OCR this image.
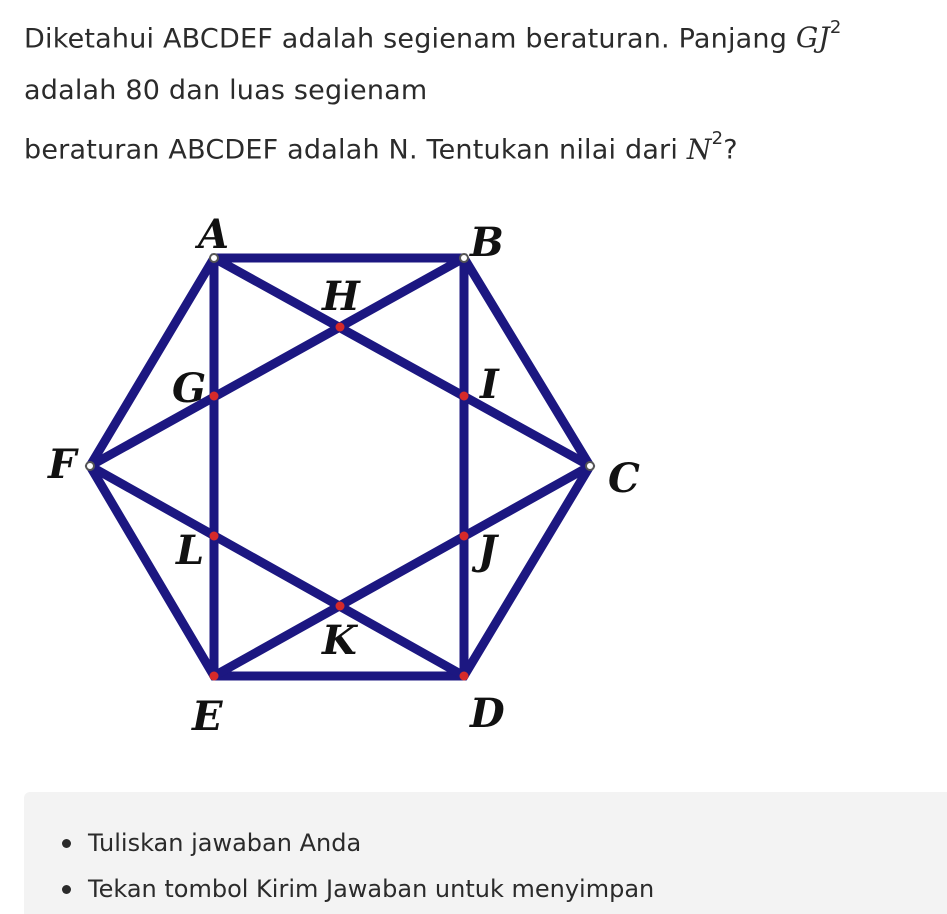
Diketahui ABCDEF adalah segienam beraturan. Panjang $GJ^2$
adalah 80 dan luas segienam
beraturan ABCDEF adalah N. Tentukan nilai dari $N^2$?
A	B
C
D
E
F
G
H
I
J
K
L
Tuliskan jawaban Anda
Tekan tombol Kirim Jawaban untuk menyimpan
